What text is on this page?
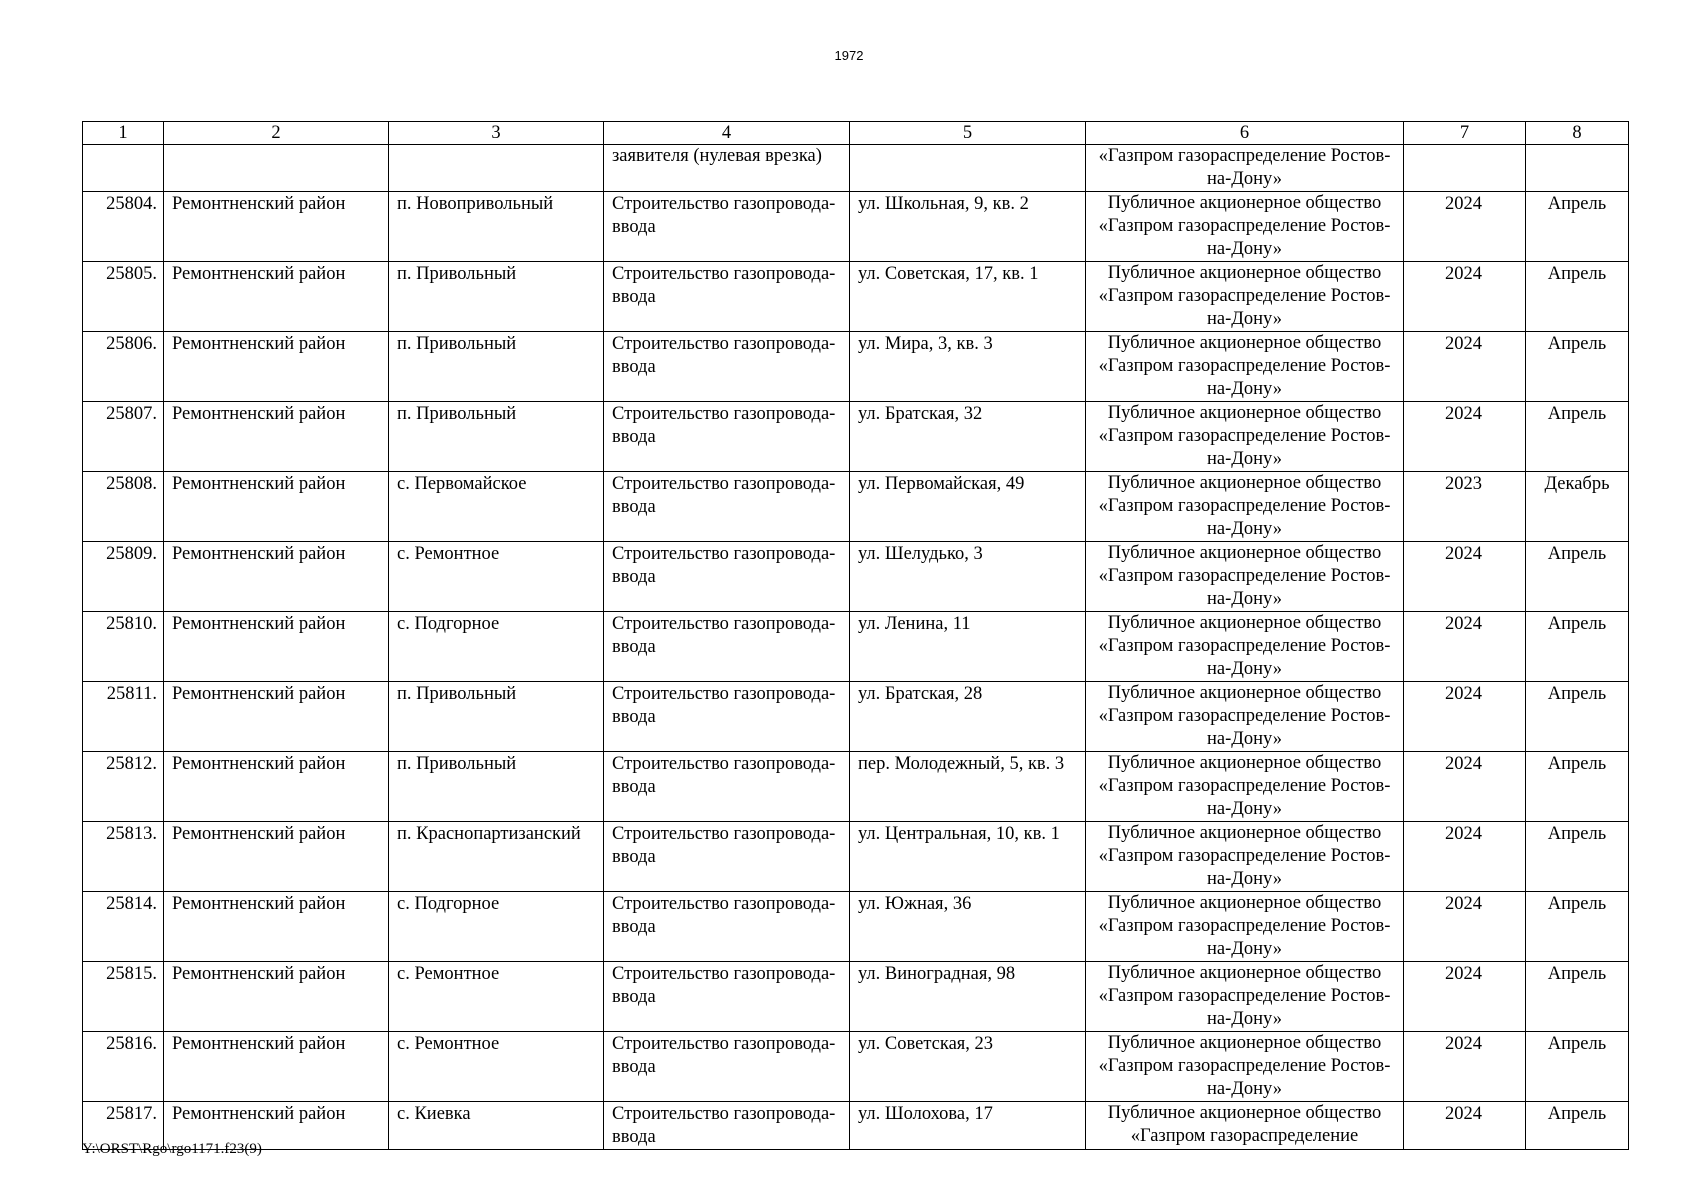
1972
1	2	3	4	5	6	7	8
			заявителя (нулевая врезка)		«Газпром газораспределение Ростов-на-Дону»		
25804.	Ремонтненский район	п. Новопривольный	Строительство газопровода-ввода	ул. Школьная, 9, кв. 2	Публичное акционерное общество «Газпром газораспределение Ростов-на-Дону»	2024	Апрель
25805.	Ремонтненский район	п. Привольный	Строительство газопровода-ввода	ул. Советская, 17, кв. 1	Публичное акционерное общество «Газпром газораспределение Ростов-на-Дону»	2024	Апрель
25806.	Ремонтненский район	п. Привольный	Строительство газопровода-ввода	ул. Мира, 3, кв. 3	Публичное акционерное общество «Газпром газораспределение Ростов-на-Дону»	2024	Апрель
25807.	Ремонтненский район	п. Привольный	Строительство газопровода-ввода	ул. Братская, 32	Публичное акционерное общество «Газпром газораспределение Ростов-на-Дону»	2024	Апрель
25808.	Ремонтненский район	с. Первомайское	Строительство газопровода-ввода	ул. Первомайская, 49	Публичное акционерное общество «Газпром газораспределение Ростов-на-Дону»	2023	Декабрь
25809.	Ремонтненский район	с. Ремонтное	Строительство газопровода-ввода	ул. Шелудько, 3	Публичное акционерное общество «Газпром газораспределение Ростов-на-Дону»	2024	Апрель
25810.	Ремонтненский район	с. Подгорное	Строительство газопровода-ввода	ул. Ленина, 11	Публичное акционерное общество «Газпром газораспределение Ростов-на-Дону»	2024	Апрель
25811.	Ремонтненский район	п. Привольный	Строительство газопровода-ввода	ул. Братская, 28	Публичное акционерное общество «Газпром газораспределение Ростов-на-Дону»	2024	Апрель
25812.	Ремонтненский район	п. Привольный	Строительство газопровода-ввода	пер. Молодежный, 5, кв. 3	Публичное акционерное общество «Газпром газораспределение Ростов-на-Дону»	2024	Апрель
25813.	Ремонтненский район	п. Краснопартизанский	Строительство газопровода-ввода	ул. Центральная, 10, кв. 1	Публичное акционерное общество «Газпром газораспределение Ростов-на-Дону»	2024	Апрель
25814.	Ремонтненский район	с. Подгорное	Строительство газопровода-ввода	ул. Южная, 36	Публичное акционерное общество «Газпром газораспределение Ростов-на-Дону»	2024	Апрель
25815.	Ремонтненский район	с. Ремонтное	Строительство газопровода-ввода	ул. Виноградная, 98	Публичное акционерное общество «Газпром газораспределение Ростов-на-Дону»	2024	Апрель
25816.	Ремонтненский район	с. Ремонтное	Строительство газопровода-ввода	ул. Советская, 23	Публичное акционерное общество «Газпром газораспределение Ростов-на-Дону»	2024	Апрель
25817.	Ремонтненский район	с. Киевка	Строительство газопровода-ввода	ул. Шолохова, 17	Публичное акционерное общество «Газпром газораспределение	2024	Апрель
Y:\ORST\Rgo\rgo1171.f23(9)
